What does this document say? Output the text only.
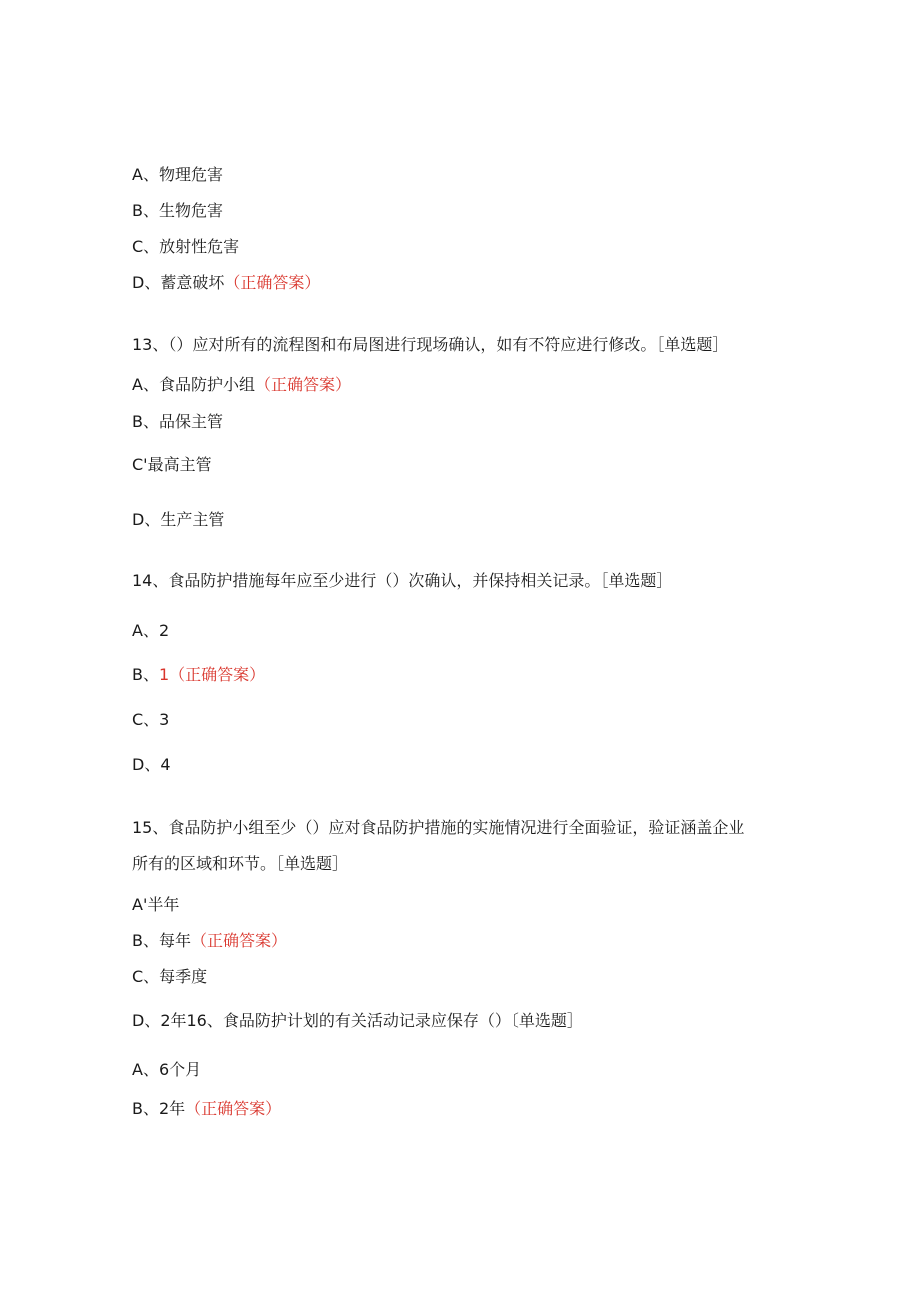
A、物理危害
B、生物危害
C、放射性危害
D、蓄意破坏（正确答案）
13、（）应对所有的流程图和布局图进行现场确认，如有不符应进行修改。［单选题］
A、食品防护小组（正确答案）
B、品保主管
C'最高主管
D、生产主管
14、食品防护措施每年应至少进行（）次确认，并保持相关记录。［单选题］
A、2
B、1（正确答案）
C、3
D、4
15、食品防护小组至少（）应对食品防护措施的实施情况进行全面验证，验证涵盖企业
所有的区域和环节。［单选题］
A'半年
B、每年（正确答案）
C、每季度
D、2年16、食品防护计划的有关活动记录应保存（）〔单选题］
A、6个月
B、2年（正确答案）
